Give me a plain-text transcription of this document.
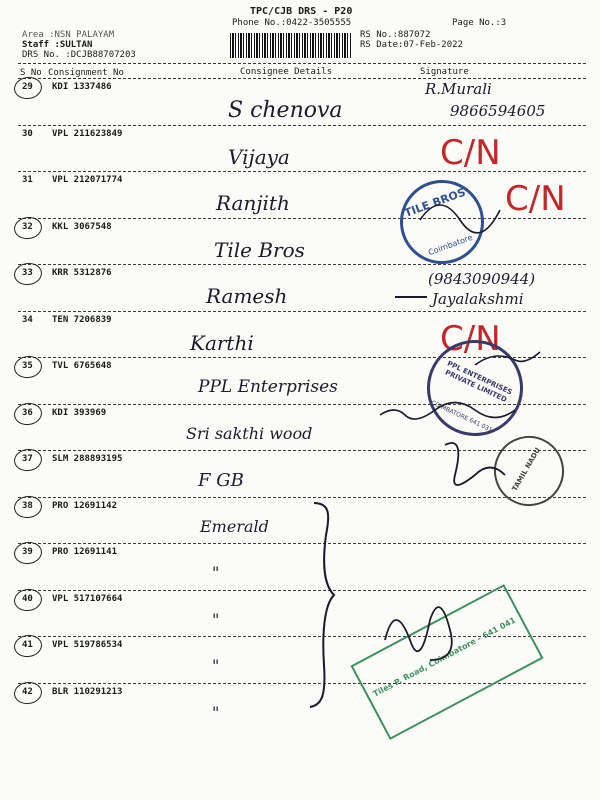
TPC/CJB DRS - P20
Phone No.:0422-3505555	Page No.:3
Area :NSN PALAYAM
Staff :SULTAN
DRS No. :DCJB88707203
RS No.:887072
RS Date:07-Feb-2022
S No Consignment No	Consignee Details	Signature
29 KDI 1337486
S chenova
R.Murali
9866594605
30 VPL 211623849
Vijaya	C/N
31 VPL 212071774
Ranjith	C/N
32 KKL 3067548
Tile Bros
33 KRR 5312876
Ramesh	Jayalakshmi
(9843090944)
34 TEN 7206839
Karthi	C/N
35 TVL 6765648
PPL Enterprises
36 KDI 393969
Sri sakthi wood
37 SLM 288893195
F GB
38 PRO 12691142
Emerald
39 PRO 12691141
"
40 VPL 517107664
"
41 VPL 519786534
"
42 BLR 110291213
"
TILE BROS
Coimbatore
PPL ENTERPRISES PRIVATE LIMITED
COIMBATORE 641 031
TAMIL NADU
Tiles P. Road, Coimbatore - 641 041
